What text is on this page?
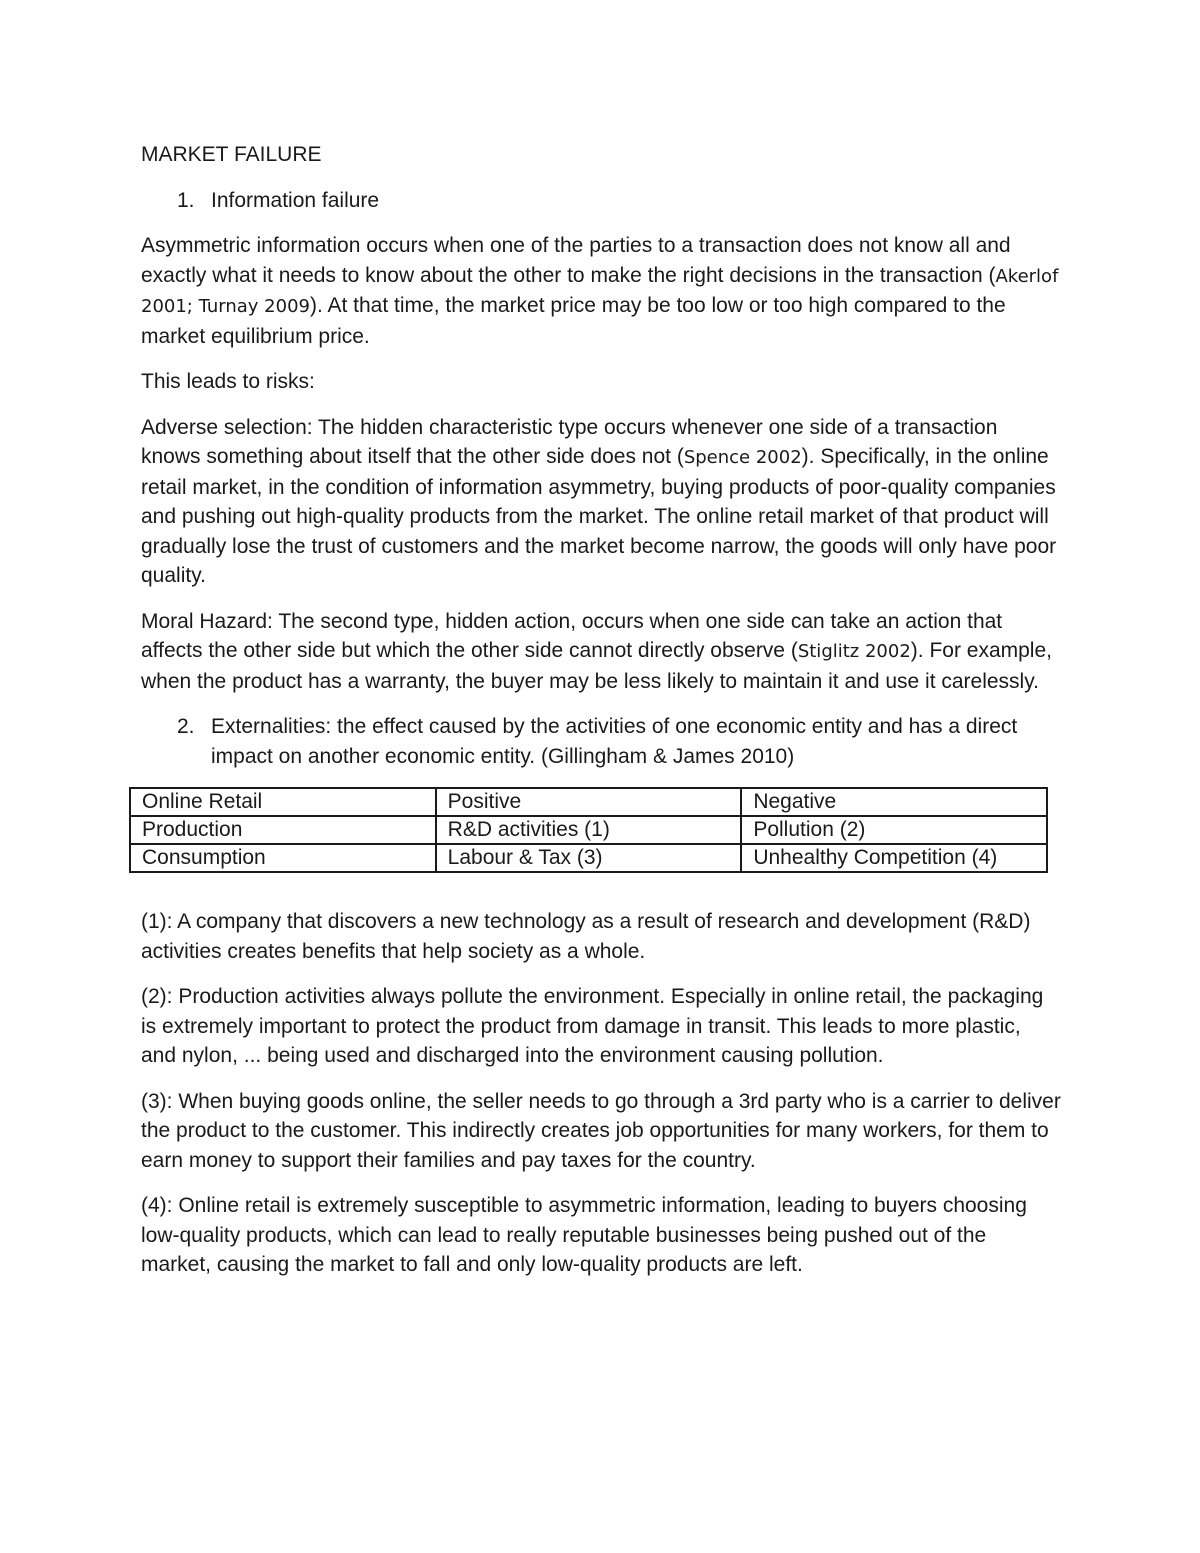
MARKET FAILURE
1. Information failure

Asymmetric information occurs when one of the parties to a transaction does not know all and exactly what it needs to know about the other to make the right decisions in the transaction (Akerlof 2001; Turnay 2009). At that time, the market price may be too low or too high compared to the market equilibrium price.

This leads to risks:

Adverse selection: The hidden characteristic type occurs whenever one side of a transaction knows something about itself that the other side does not (Spence 2002). Specifically, in the online retail market, in the condition of information asymmetry, buying products of poor-quality companies and pushing out high-quality products from the market. The online retail market of that product will gradually lose the trust of customers and the market become narrow, the goods will only have poor quality.

Moral Hazard: The second type, hidden action, occurs when one side can take an action that affects the other side but which the other side cannot directly observe (Stiglitz 2002). For example, when the product has a warranty, the buyer may be less likely to maintain it and use it carelessly.

2. Externalities: the effect caused by the activities of one economic entity and has a direct impact on another economic entity. (Gillingham & James 2010)
Online Retail	Positive	Negative
Production	R&D activities (1)	Pollution (2)
Consumption	Labour & Tax (3)	Unhealthy Competition (4)

(1): A company that discovers a new technology as a result of research and development (R&D) activities creates benefits that help society as a whole.

(2): Production activities always pollute the environment. Especially in online retail, the packaging is extremely important to protect the product from damage in transit. This leads to more plastic, and nylon, ... being used and discharged into the environment causing pollution.

(3): When buying goods online, the seller needs to go through a 3rd party who is a carrier to deliver the product to the customer. This indirectly creates job opportunities for many workers, for them to earn money to support their families and pay taxes for the country.

(4): Online retail is extremely susceptible to asymmetric information, leading to buyers choosing low-quality products, which can lead to really reputable businesses being pushed out of the market, causing the market to fall and only low-quality products are left.
